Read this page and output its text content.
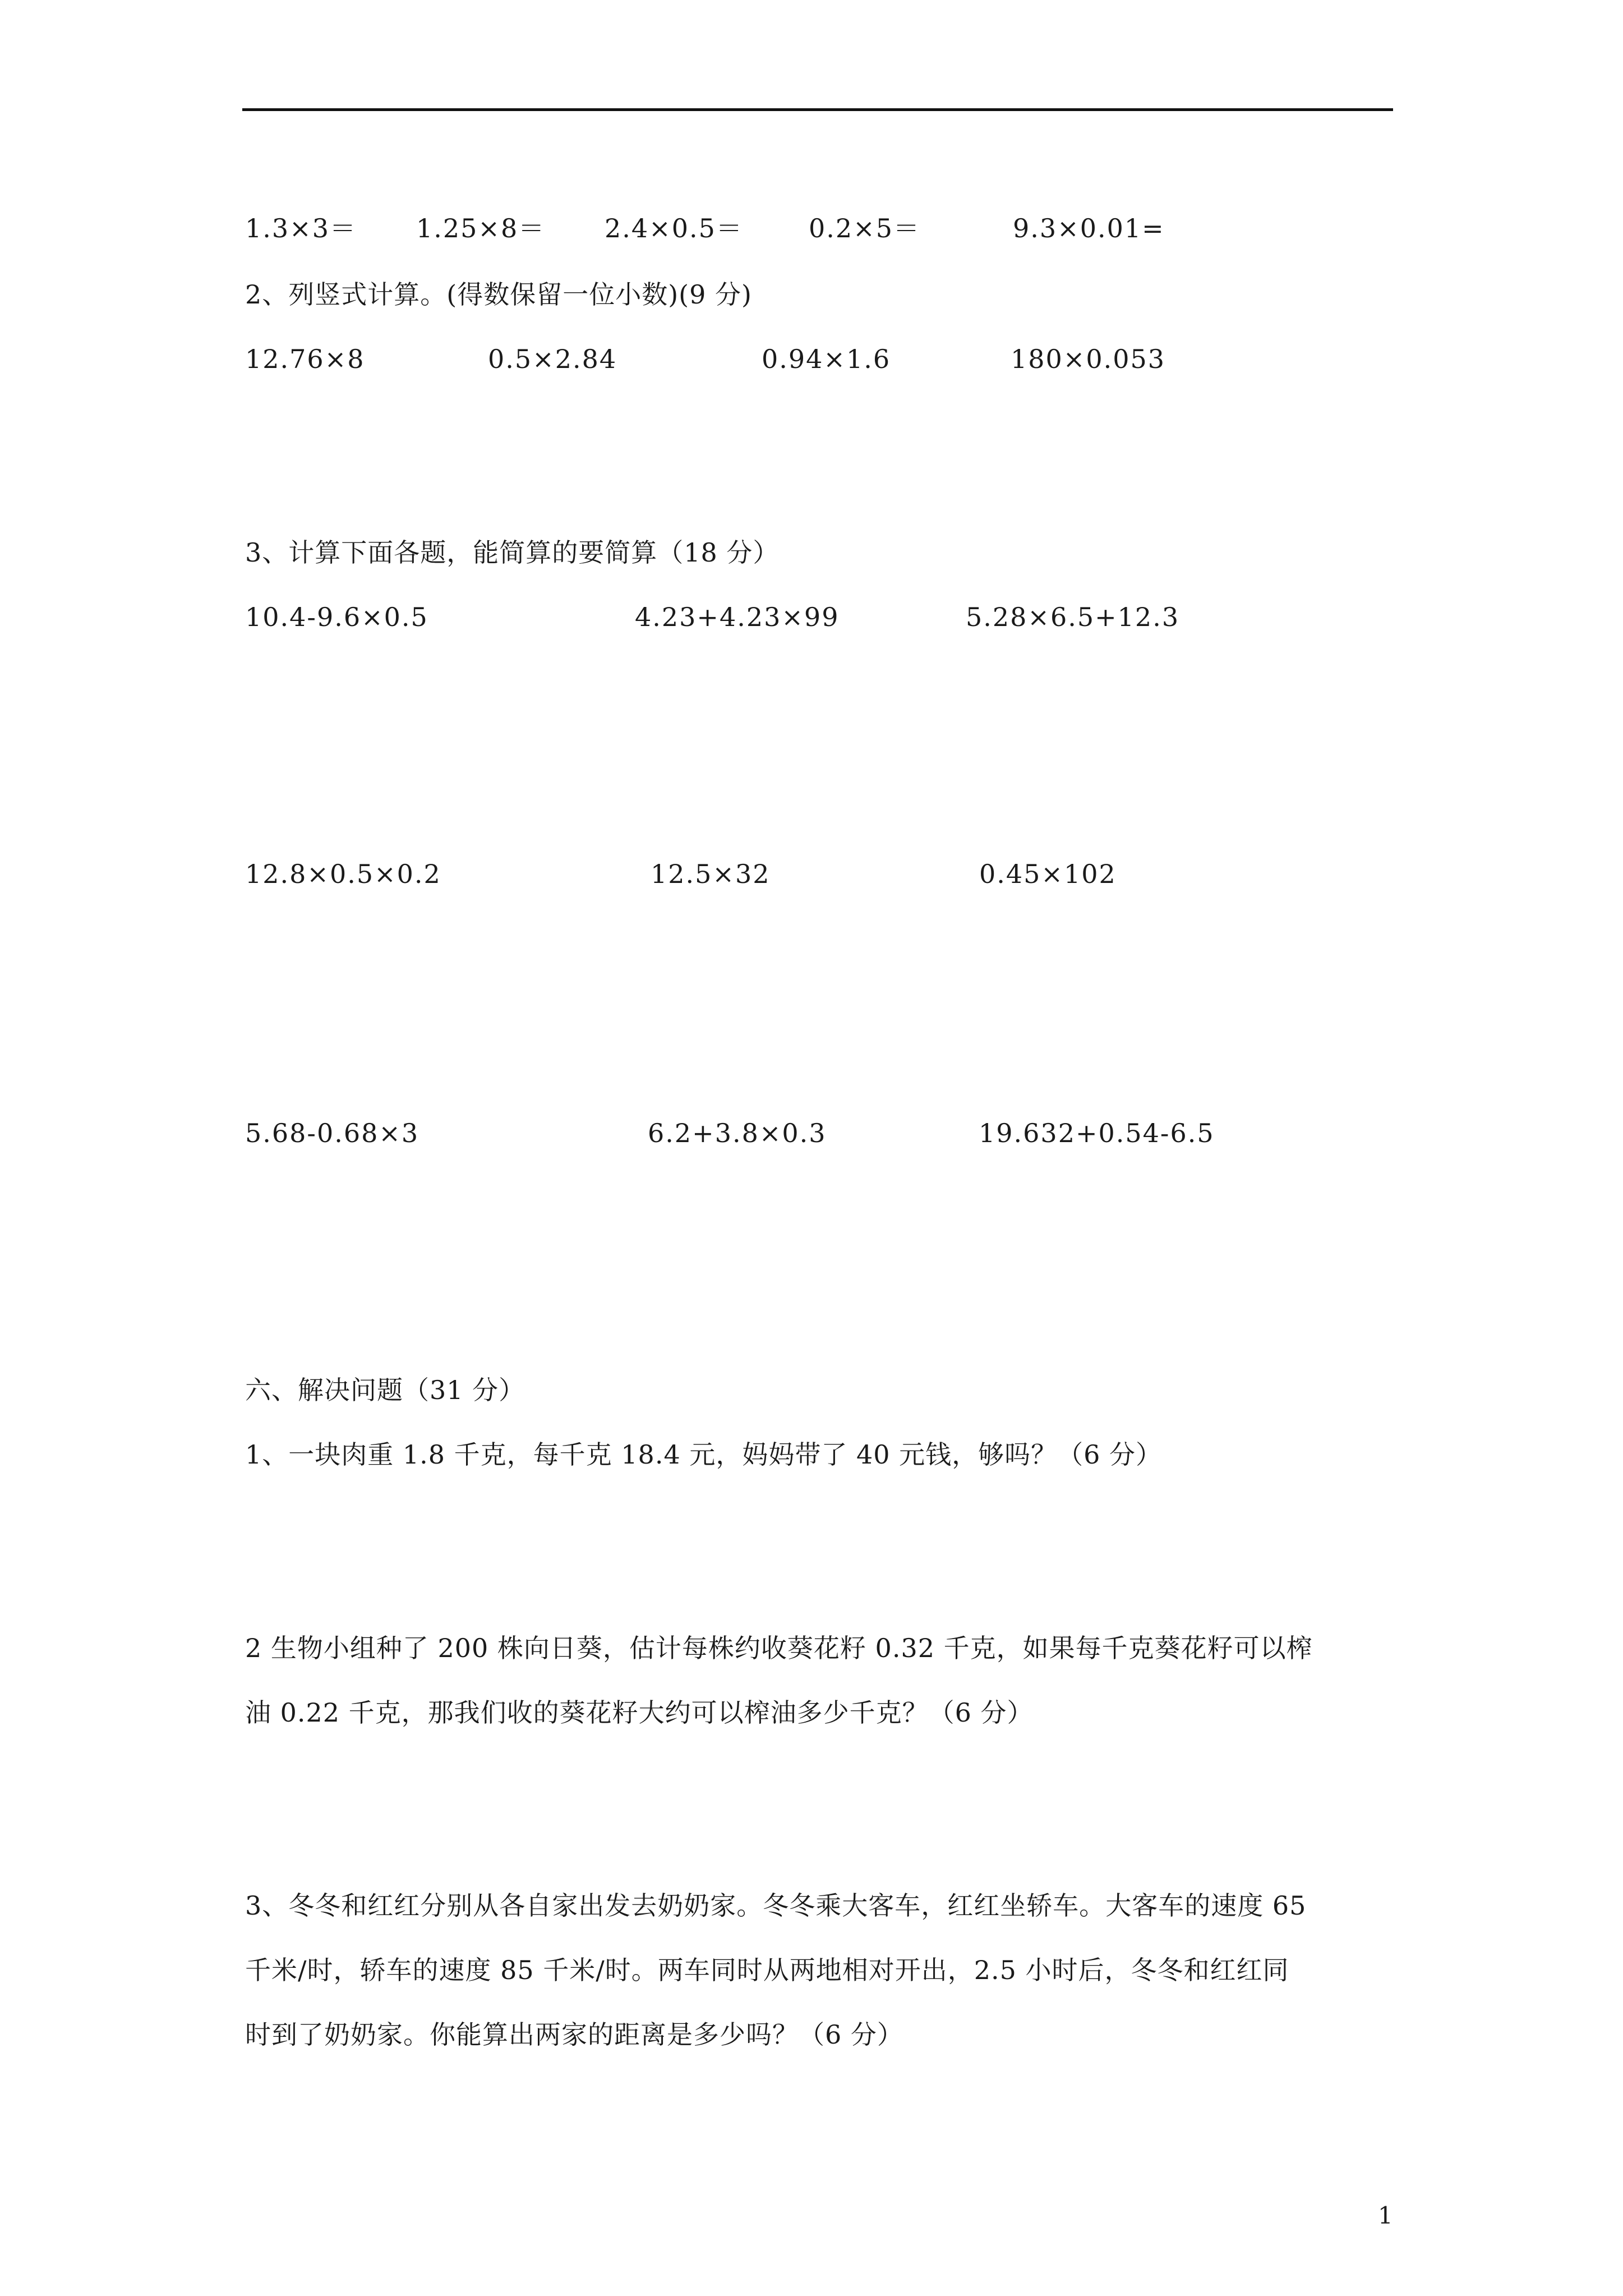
1.3×3＝ 1.25×8＝ 2.4×0.5＝	0.2×5＝	9.3×0.01=
2、列竖式计算。(得数保留一位小数)(9 分)
12.76×8	0.5×2.84	0.94×1.6	180×0.053
3、计算下面各题，能简算的要简算（18 分）
10.4-9.6×0.5	4.23+4.23×99	5.28×6.5+12.3
12.8×0.5×0.2	12.5×32	0.45×102
5.68-0.68×3	6.2+3.8×0.3	19.632+0.54-6.5
六、解决问题（31 分）
1、一块肉重 1.8 千克，每千克 18.4 元，妈妈带了 40 元钱，够吗？（6 分）
2 生物小组种了 200 株向日葵，估计每株约收葵花籽 0.32 千克，如果每千克葵花籽可以榨
油 0.22 千克，那我们收的葵花籽大约可以榨油多少千克？（6 分）
3、冬冬和红红分别从各自家出发去奶奶家。冬冬乘大客车，红红坐轿车。大客车的速度 65
千米/时，轿车的速度 85 千米/时。两车同时从两地相对开出，2.5 小时后，冬冬和红红同
时到了奶奶家。你能算出两家的距离是多少吗？（6 分）
1
